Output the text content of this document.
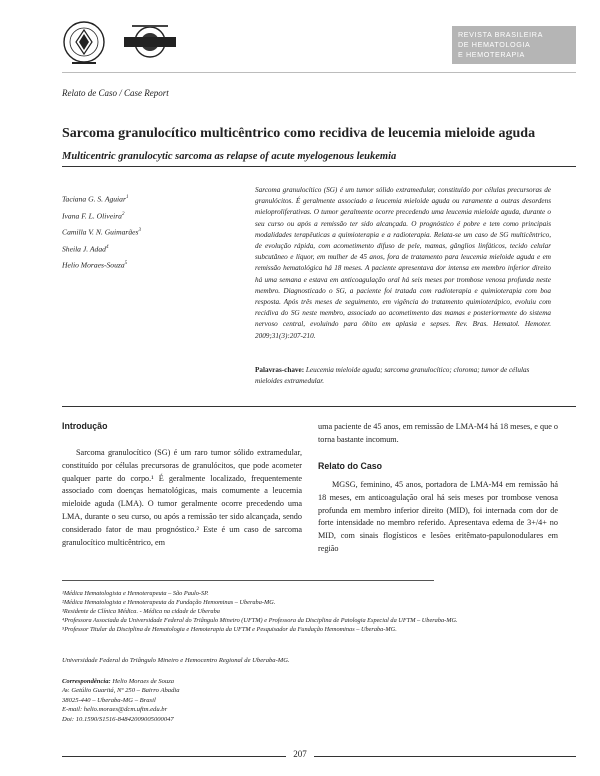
REVISTA BRASILEIRA
DE HEMATOLOGIA
E HEMOTERAPIA
Relato de Caso / Case Report
Sarcoma granulocítico multicêntrico como recidiva de leucemia mieloide aguda
Multicentric granulocytic sarcoma as relapse of acute myelogenous leukemia
Taciana G. S. Aguiar$^1$
Ivana F. L. Oliveira$^2$
Camilla V. N. Guimarães$^3$
Sheila J. Adad$^4$
Helio Moraes-Souza$^5$

Sarcoma granulocítico (SG) é um tumor sólido extramedular, constituído por células precursoras de granulócitos. É geralmente associado a leucemia mieloide aguda ou raramente a outras desordens mieloproliferativas. O tumor geralmente ocorre precedendo uma leucemia mieloide aguda, durante o seu curso ou após a remissão ter sido alcançada. O prognóstico é pobre e tem como principais modalidades terapêuticas a quimioterapia e a radioterapia. Relata-se um caso de SG multicêntrico, de evolução rápida, com acometimento difuso de pele, mamas, gânglios linfáticos, tecido celular subcutâneo e líquor, em mulher de 45 anos, fora de tratamento para leucemia mieloide aguda e em remissão hematológica há 18 meses. A paciente apresentava dor intensa em membro inferior direito há uma semana e estava em anticoagulação oral há seis meses por trombose venosa profunda neste membro. Diagnosticado o SG, a paciente foi tratada com radioterapia e quimioterapia com boa resposta. Após três meses de seguimento, em vigência do tratamento quimioterápico, evoluiu com recidiva do SG neste membro, associado ao acometimento das mamas e posteriormente do sistema nervoso central, evoluindo para óbito em aplasia e sepses. Rev. Bras. Hematol. Hemoter. 2009;31(3):207-210.

Palavras-chave: Leucemia mieloide aguda; sarcoma granulocítico; cloroma; tumor de células mieloides extramedular.

Introdução

Sarcoma granulocítico (SG) é um raro tumor sólido extramedular, constituído por células precursoras de granulócitos, que pode acometer qualquer parte do corpo.¹ É geralmente localizado, frequentemente associado com doenças hematológicas, mais comumente a leucemia mieloide aguda (LMA). O tumor geralmente ocorre precedendo uma LMA, durante o seu curso, ou após a remissão ter sido alcançada, sendo considerado fator de mau prognóstico.² Este é um caso de sarcoma granulocítico multicêntrico, em

uma paciente de 45 anos, em remissão de LMA-M4 há 18 meses, e que o torna bastante incomum.

Relato do Caso

MGSG, feminino, 45 anos, portadora de LMA-M4 em remissão há 18 meses, em anticoagulação oral há seis meses por trombose venosa profunda em membro inferior direito (MID), foi internada com dor de forte intensidade no membro referido. Apresentava edema de 3+/4+ no MID, com sinais flogísticos e lesões eritêmato-papulonodulares em região

¹Médica Hematologista e Hemoterapeuta – São Paulo-SP.
²Médica Hematologista e Hemoterapeuta da Fundação Hemominas – Uberaba-MG.
³Residente de Clínica Médica. - Médica na cidade de Uberaba
⁴Professora Associada da Universidade Federal do Triângulo Mineiro (UFTM) e Professora da Disciplina de Patologia Especial da UFTM – Uberaba-MG.
⁵Professor Titular da Disciplina de Hematologia e Hemoterapia da UFTM e Pesquisador da Fundação Hemominas – Uberaba-MG.
Universidade Federal do Triângulo Mineiro e Hemocentro Regional de Uberaba-MG.
Correspondência: Helio Moraes de Souza
Av. Getúlio Guaritá, Nº 250 – Bairro Abadia
38025-440 – Uberaba-MG – Brasil
E-mail: helio.moraes@dcm.uftm.edu.br
Doi: 10.1590/S1516-84842009005000047
207
